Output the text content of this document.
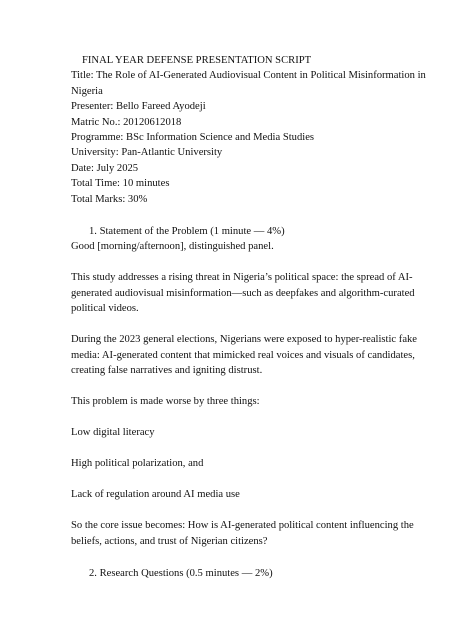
FINAL YEAR DEFENSE PRESENTATION SCRIPT
Title: The Role of AI-Generated Audiovisual Content in Political Misinformation in
Nigeria
Presenter: Bello Fareed Ayodeji
Matric No.: 20120612018
Programme: BSc Information Science and Media Studies
University: Pan-Atlantic University
Date: July 2025
Total Time: 10 minutes
Total Marks: 30%
1. Statement of the Problem (1 minute — 4%)
Good [morning/afternoon], distinguished panel.
This study addresses a rising threat in Nigeria’s political space: the spread of AI-
generated audiovisual misinformation—such as deepfakes and algorithm-curated
political videos.
During the 2023 general elections, Nigerians were exposed to hyper-realistic fake
media: AI-generated content that mimicked real voices and visuals of candidates,
creating false narratives and igniting distrust.
This problem is made worse by three things:
Low digital literacy
High political polarization, and
Lack of regulation around AI media use
So the core issue becomes: How is AI-generated political content influencing the
beliefs, actions, and trust of Nigerian citizens?
2. Research Questions (0.5 minutes — 2%)
